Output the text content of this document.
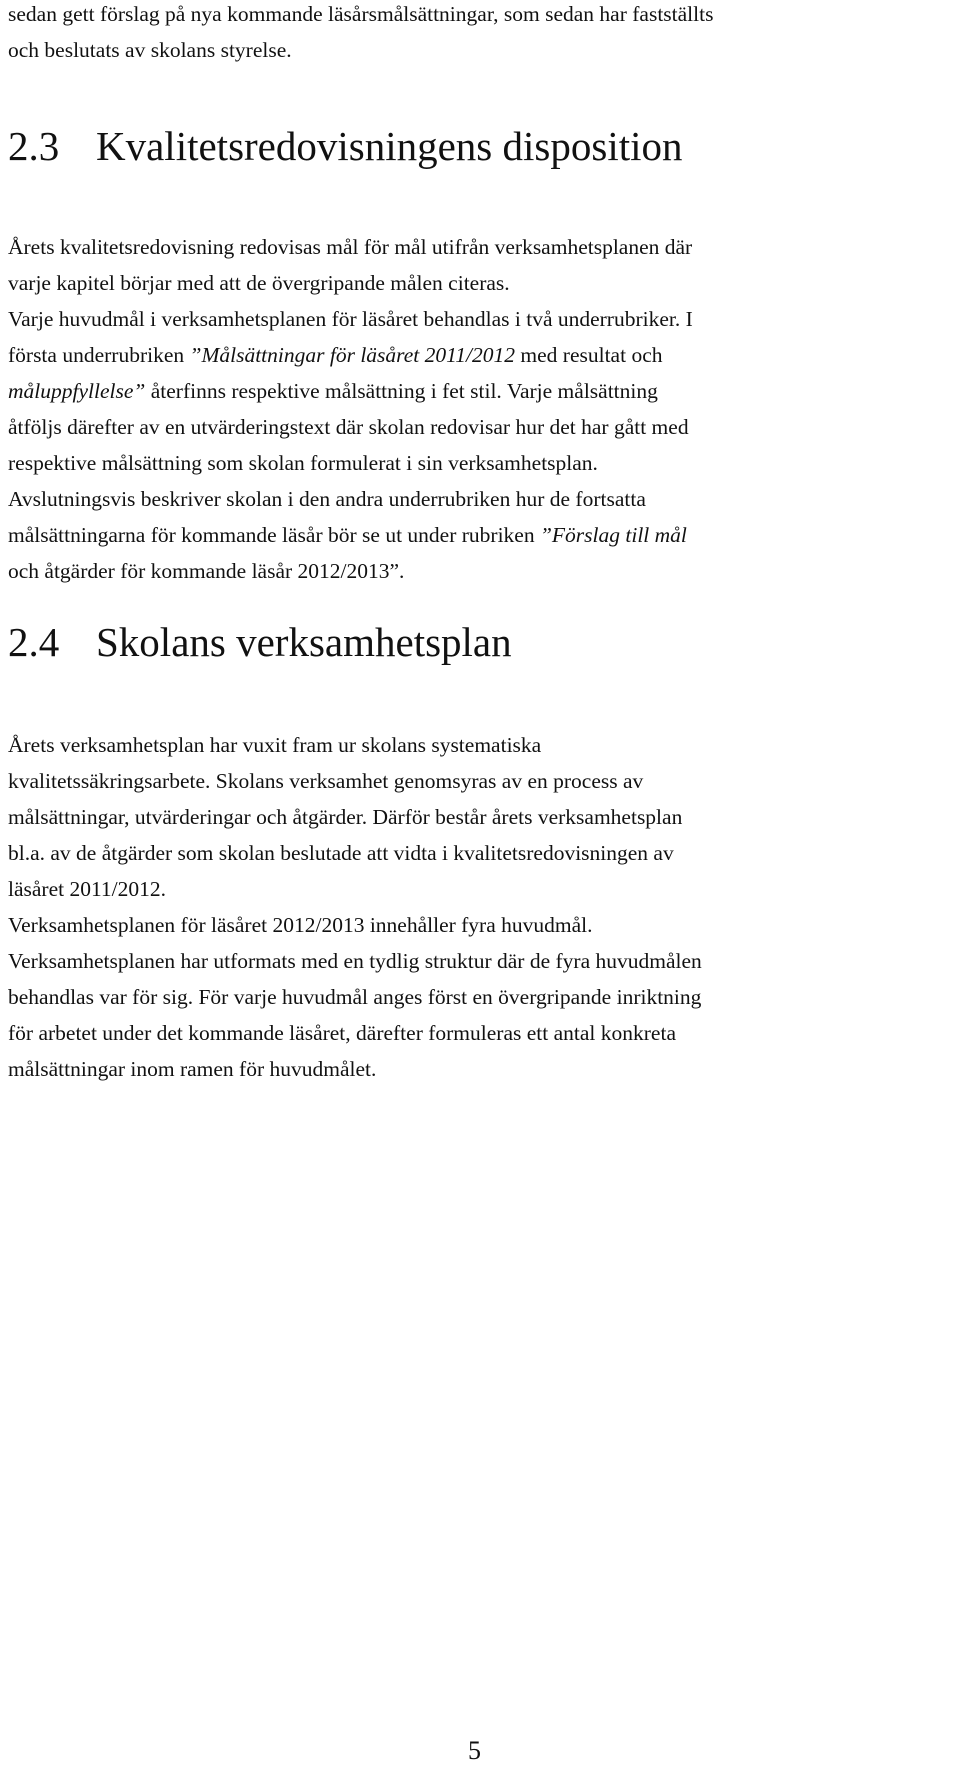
sedan gett förslag på nya kommande läsårsmålsättningar, som sedan har fastställts
och beslutats av skolans styrelse.

2.3 Kvalitetsredovisningens disposition

Årets kvalitetsredovisning redovisas mål för mål utifrån verksamhetsplanen där
varje kapitel börjar med att de övergripande målen citeras.
Varje huvudmål i verksamhetsplanen för läsåret behandlas i två underrubriker. I
första underrubriken ”Målsättningar för läsåret 2011/2012 med resultat och
måluppfyllelse” återfinns respektive målsättning i fet stil. Varje målsättning
åtföljs därefter av en utvärderingstext där skolan redovisar hur det har gått med
respektive målsättning som skolan formulerat i sin verksamhetsplan.
Avslutningsvis beskriver skolan i den andra underrubriken hur de fortsatta
målsättningarna för kommande läsår bör se ut under rubriken ”Förslag till mål
och åtgärder för kommande läsår 2012/2013”.

2.4 Skolans verksamhetsplan

Årets verksamhetsplan har vuxit fram ur skolans systematiska
kvalitetssäkringsarbete. Skolans verksamhet genomsyras av en process av
målsättningar, utvärderingar och åtgärder. Därför består årets verksamhetsplan
bl.a. av de åtgärder som skolan beslutade att vidta i kvalitetsredovisningen av
läsåret 2011/2012.
Verksamhetsplanen för läsåret 2012/2013 innehåller fyra huvudmål.
Verksamhetsplanen har utformats med en tydlig struktur där de fyra huvudmålen
behandlas var för sig. För varje huvudmål anges först en övergripande inriktning
för arbetet under det kommande läsåret, därefter formuleras ett antal konkreta
målsättningar inom ramen för huvudmålet.

5
